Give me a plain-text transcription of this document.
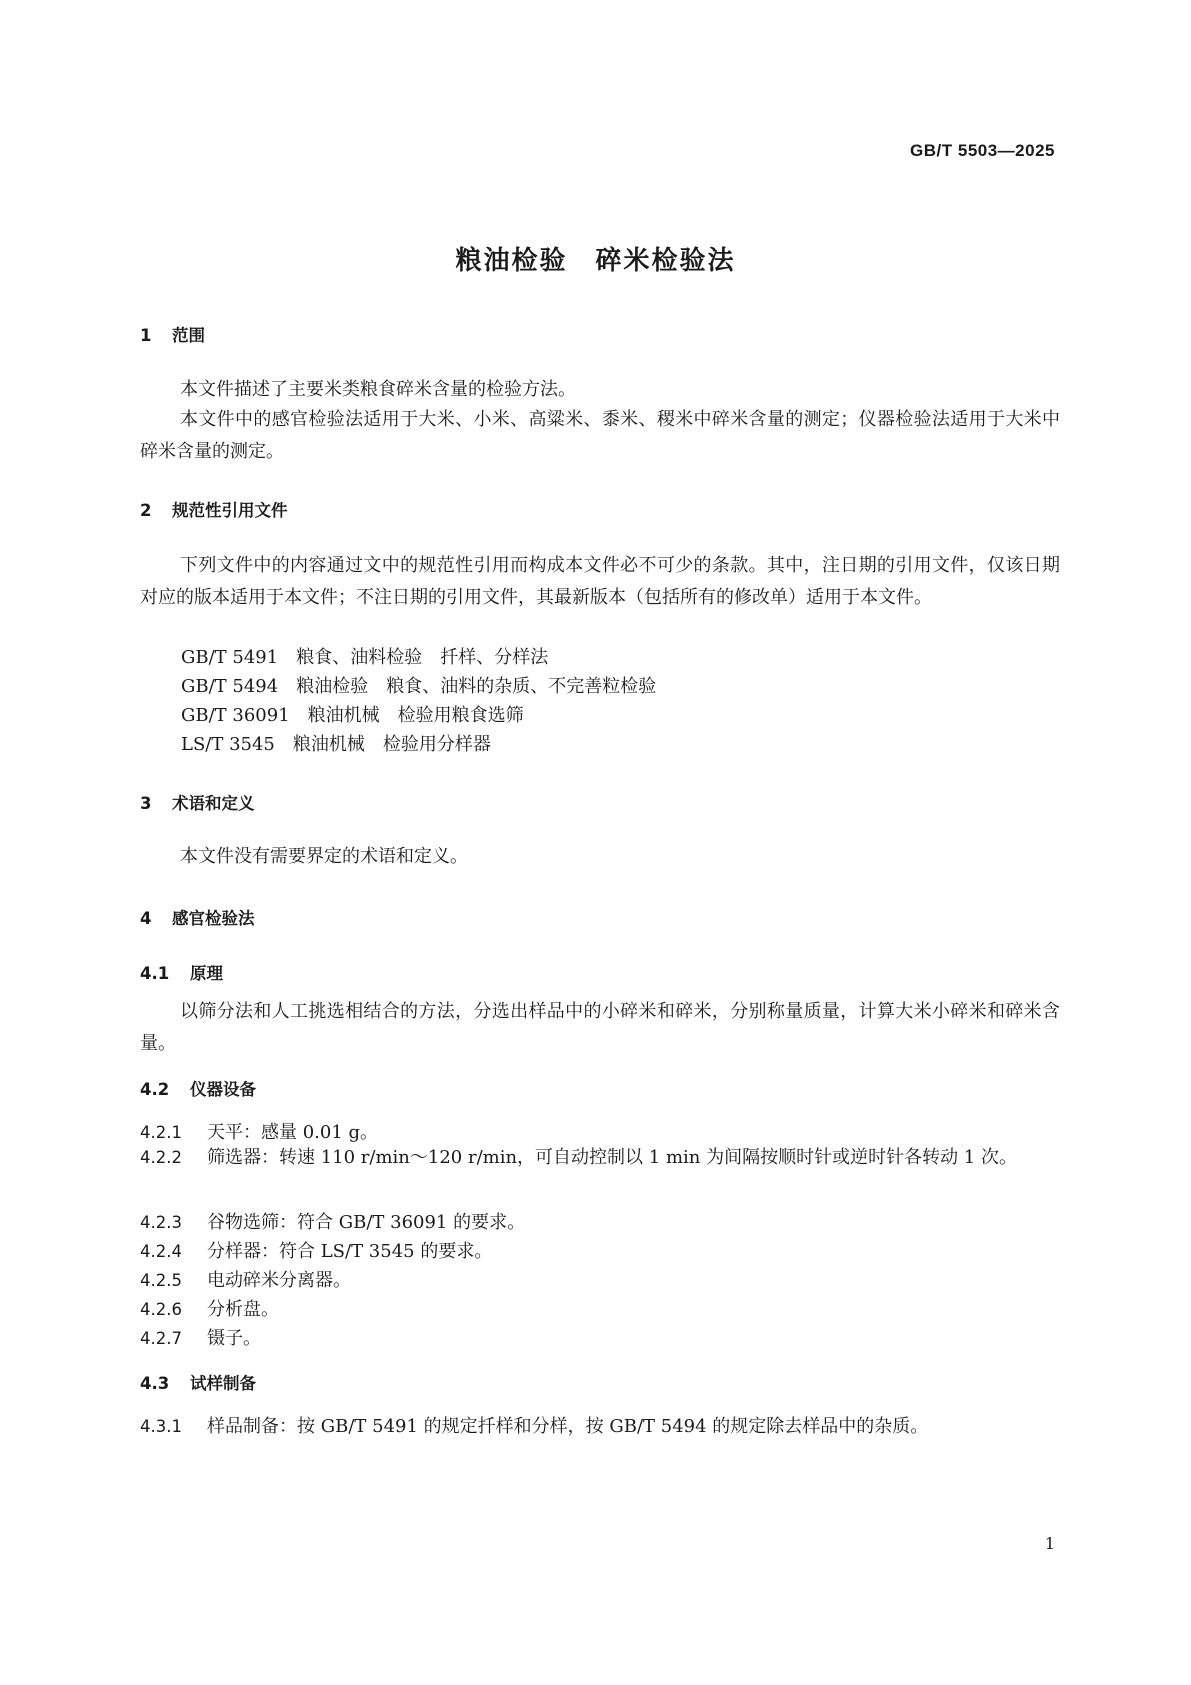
GB/T 5503—2025
粮油检验　碎米检验法
1 范围

本文件描述了主要米类粮食碎米含量的检验方法。

本文件中的感官检验法适用于大米、小米、高粱米、黍米、稷米中碎米含量的测定；仪器检验法适用于大米中碎米含量的测定。

2 规范性引用文件

下列文件中的内容通过文中的规范性引用而构成本文件必不可少的条款。其中，注日期的引用文件，仅该日期对应的版本适用于本文件；不注日期的引用文件，其最新版本（包括所有的修改单）适用于本文件。

GB/T 5491　粮食、油料检验　扦样、分样法
GB/T 5494　粮油检验　粮食、油料的杂质、不完善粒检验
GB/T 36091　粮油机械　检验用粮食选筛
LS/T 3545　粮油机械　检验用分样器
3 术语和定义

本文件没有需要界定的术语和定义。

4 感官检验法
4.1 原理

以筛分法和人工挑选相结合的方法，分选出样品中的小碎米和碎米，分别称量质量，计算大米小碎米和碎米含量。

4.2 仪器设备
4.2.1 天平：感量 0.01 g。

4.2.2 筛选器：转速 110 r/min～120 r/min，可自动控制以 1 min 为间隔按顺时针或逆时针各转动 1 次。

4.2.3 谷物选筛：符合 GB/T 36091 的要求。
4.2.4 分样器：符合 LS/T 3545 的要求。
4.2.5 电动碎米分离器。
4.2.6 分析盘。
4.2.7 镊子。
4.3 试样制备
4.3.1 样品制备：按 GB/T 5491 的规定扦样和分样，按 GB/T 5494 的规定除去样品中的杂质。
1
